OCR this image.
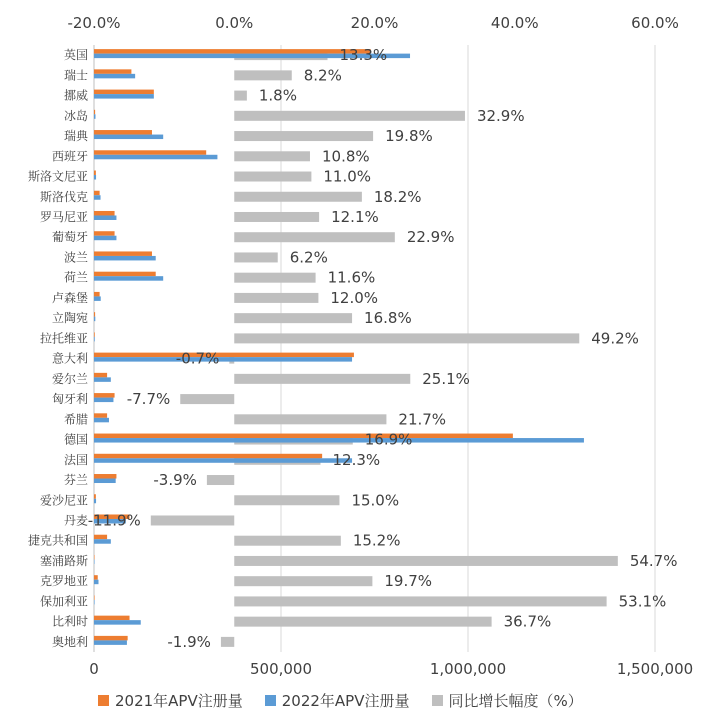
-20.0%	0.0%	20.0%	40.0%	60.0%
0	500,000	1,000,000	1,500,000
英国	13.3%
瑞士	8.2%
挪威	1.8%
冰岛	32.9%
瑞典	19.8%
西班牙	10.8%
斯洛文尼亚	11.0%
斯洛伐克	18.2%
罗马尼亚	12.1%
葡萄牙	22.9%
波兰	6.2%
荷兰	11.6%
卢森堡	12.0%
立陶宛	16.8%
拉托维亚	49.2%
意大利	-0.7%
爱尔兰	25.1%
匈牙利	-7.7%
希腊	21.7%
德国	16.9%
法国	12.3%
芬兰	-3.9%
爱沙尼亚	15.0%
丹麦 -11.9%
捷克共和国	15.2%
塞浦路斯	54.7%
克罗地亚	19.7%
保加利亚	53.1%
比利时	36.7%
奥地利	-1.9%
2021年APV注册量	2022年APV注册量	同比增长幅度（%）
